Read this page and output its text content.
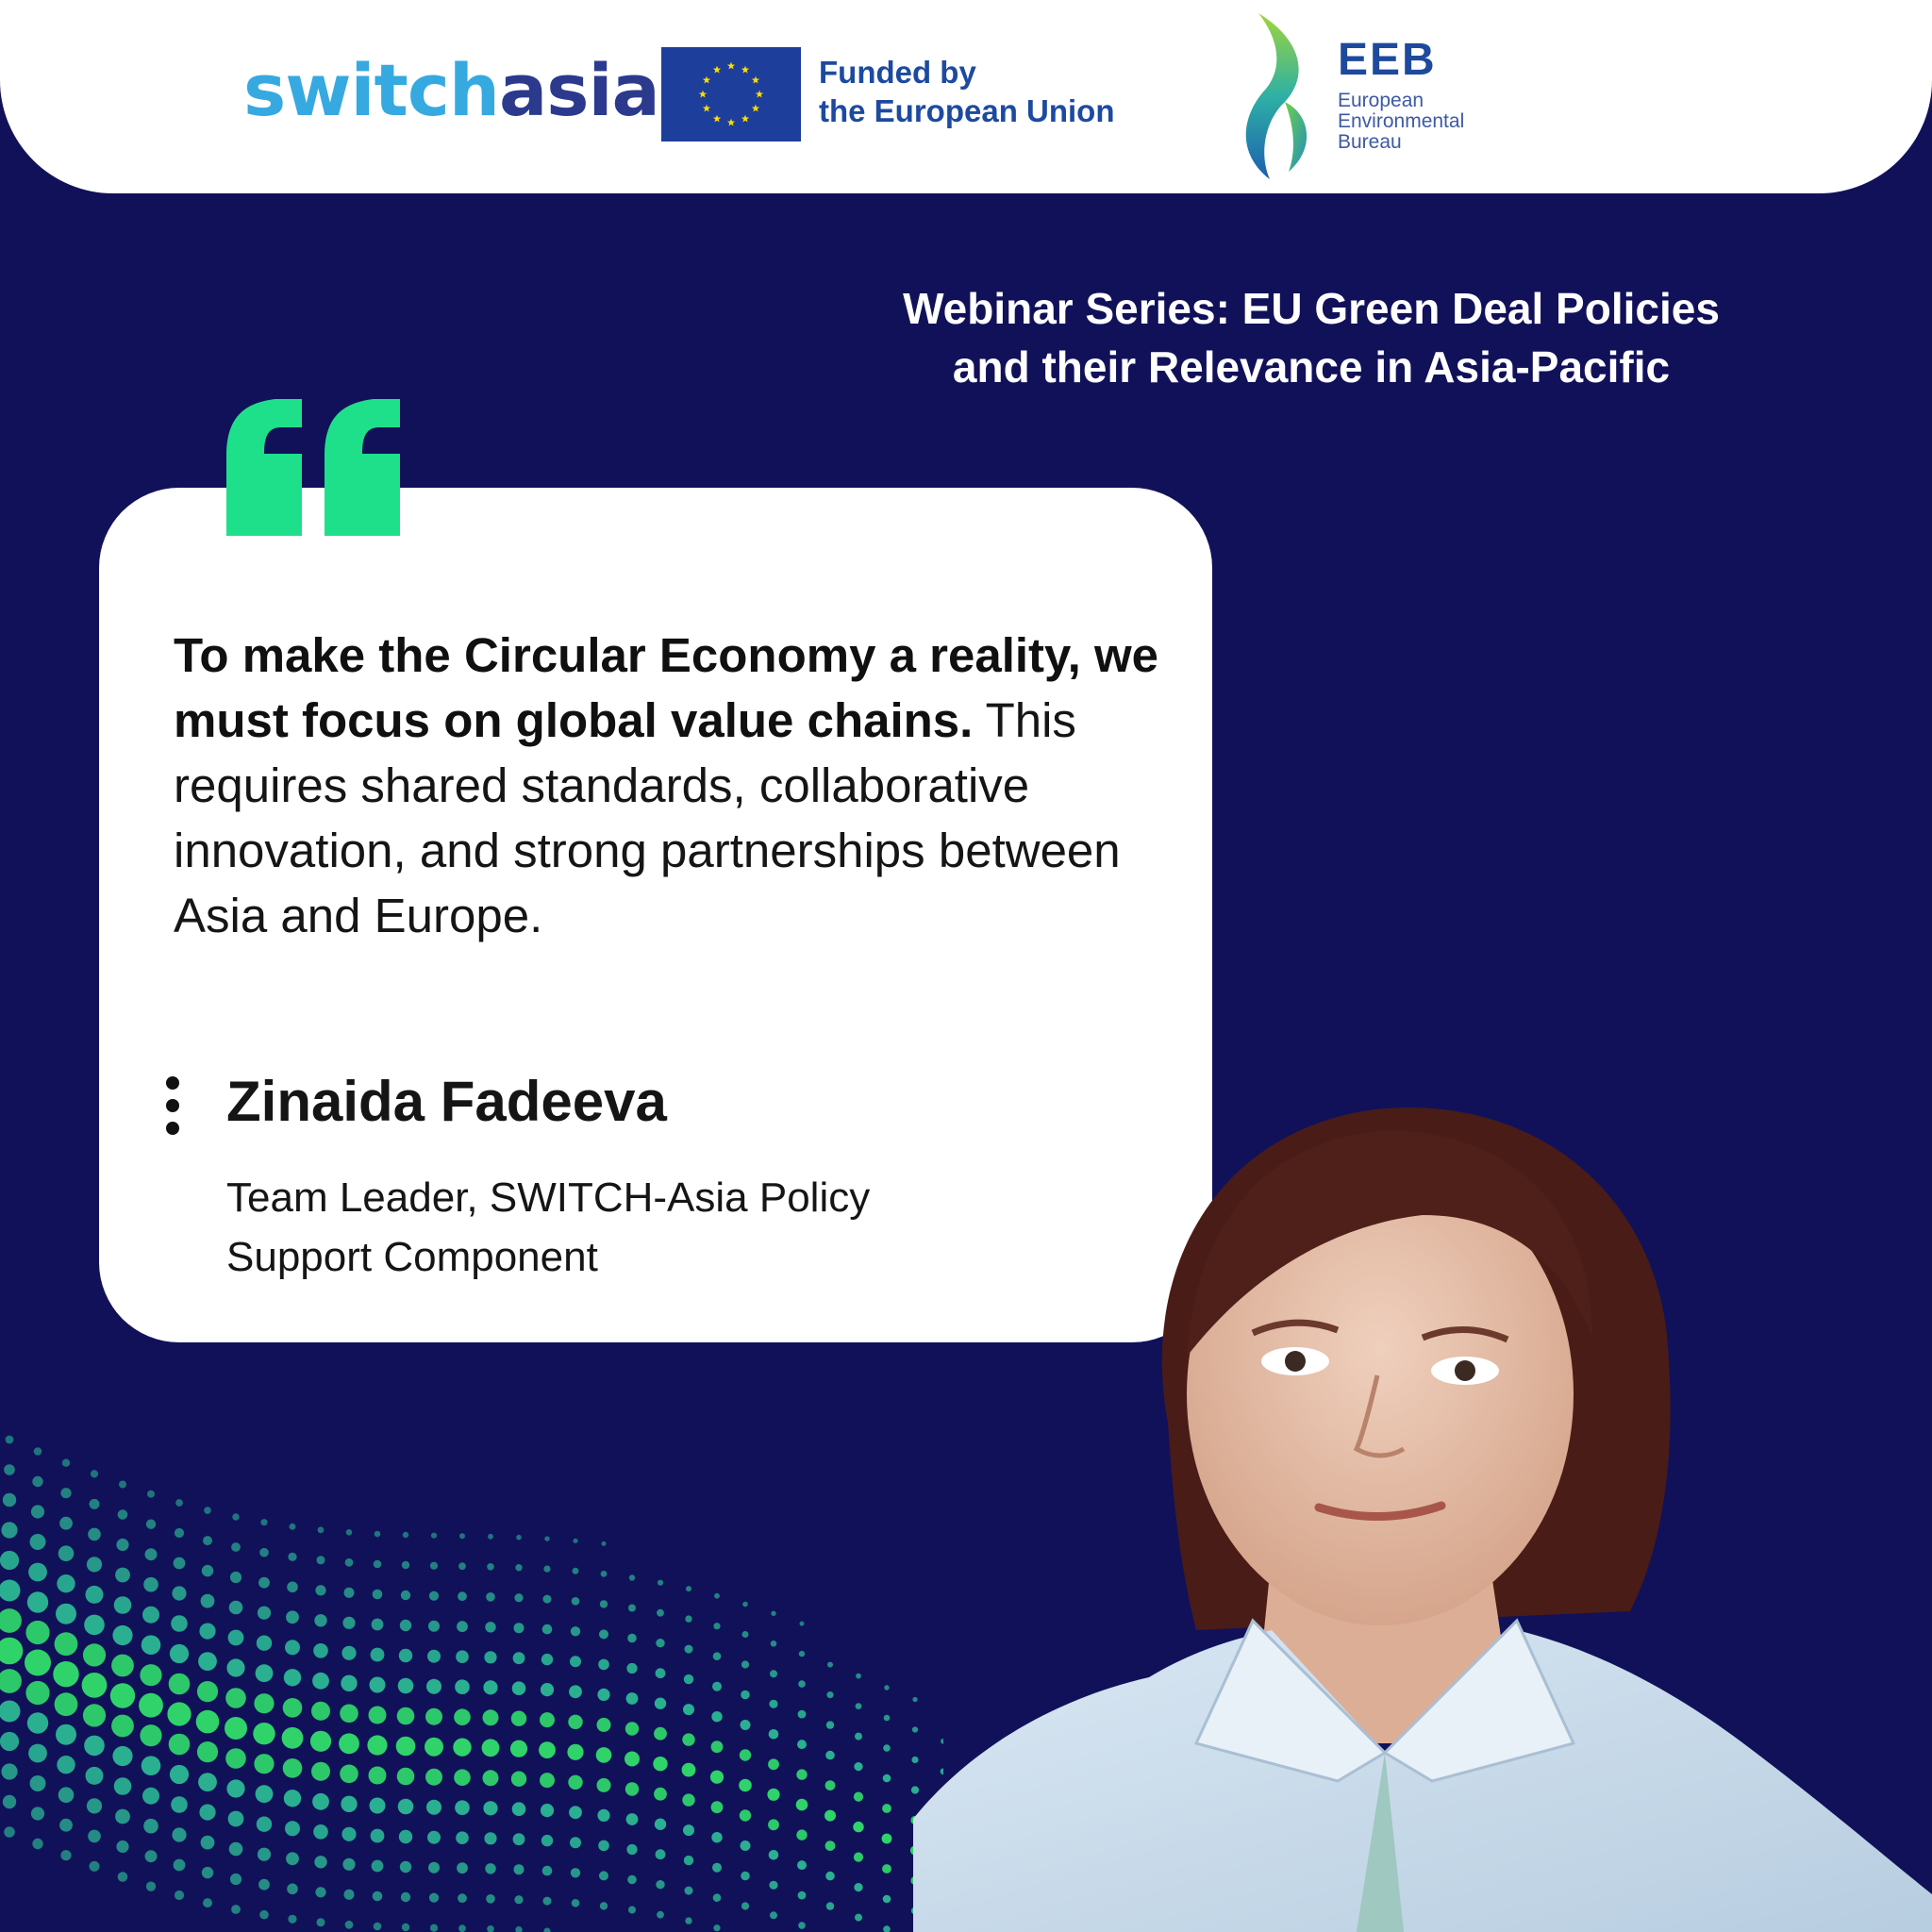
switchasia	Funded by
the European Union
EEB
European
Environmental
Bureau
Webinar Series: EU Green Deal Policies
and their Relevance in Asia-Pacific
To make the Circular Economy a reality, we must focus on global value chains. This requires shared standards, collaborative innovation, and strong partnerships between Asia and Europe.
Zinaida Fadeeva
Team Leader, SWITCH-Asia Policy
Support Component
